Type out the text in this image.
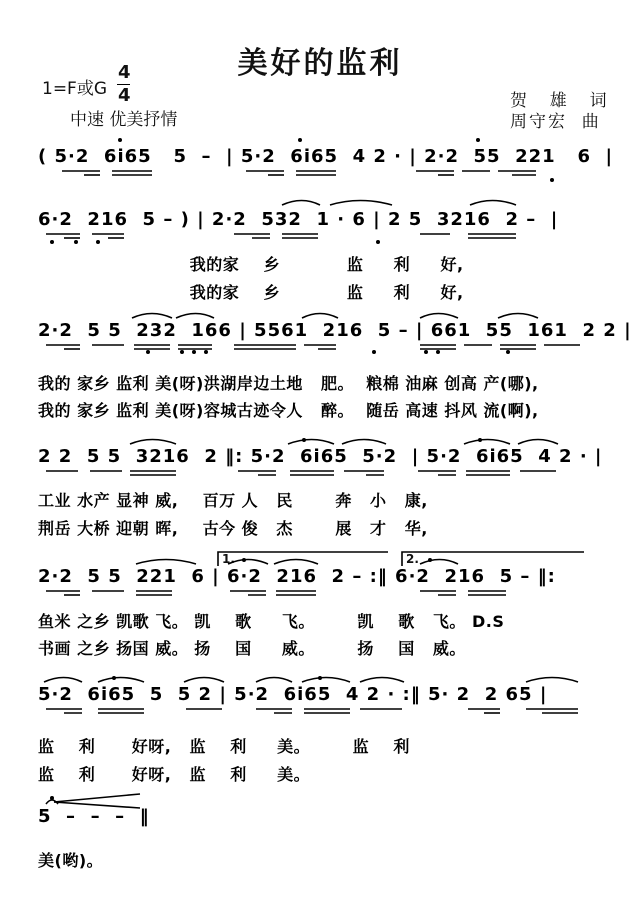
美好的监利
1=F或G
4
4
中速 优美抒情
贺  雄  词
周守宏  曲
( 5·2  6i65   5  –  | 5·2  6i65  4 2 · | 2·2  55  221   6  |
6·2  216  5 – ) | 2·2  532  1 · 6 | 2 5  3216  2 –  |
我的家    乡           监     利     好,
我的家    乡           监     利     好,
2·2  5 5  232  166 | 5561  216  5 – | 661  55  161  2 2 |
我的 家乡 监利 美(呀)洪湖岸边土地   肥。  粮棉 油麻 创高 产(哪),
我的 家乡 监利 美(呀)容城古迹令人   醉。  随岳 高速 抖风 流(啊),
2 2  5 5  3216  2 ‖: 5·2  6i65  5·2  | 5·2  6i65  4 2 · |
工业 水产 显神 威,    百万 人   民       奔   小   康,
荆岳 大桥 迎朝 晖,    古今 俊   杰       展   才   华,
1.	2.
2·2  5 5  221  6 | 6·2  216  2 – :‖ 6·2  216  5 – ‖:
鱼米 之乡 凯歌 飞。 凯    歌     飞。       凯    歌   飞。 D.S
书画 之乡 扬国 威。 扬    国     威。       扬    国   威。
5·2  6i65  5  5 2 | 5·2  6i65  4 2 · :‖ 5· 2  2 65 |
监    利      好呀,   监    利     美。       监    利
监    利      好呀,   监    利     美。
5  –  –  –  ‖
美(哟)。
